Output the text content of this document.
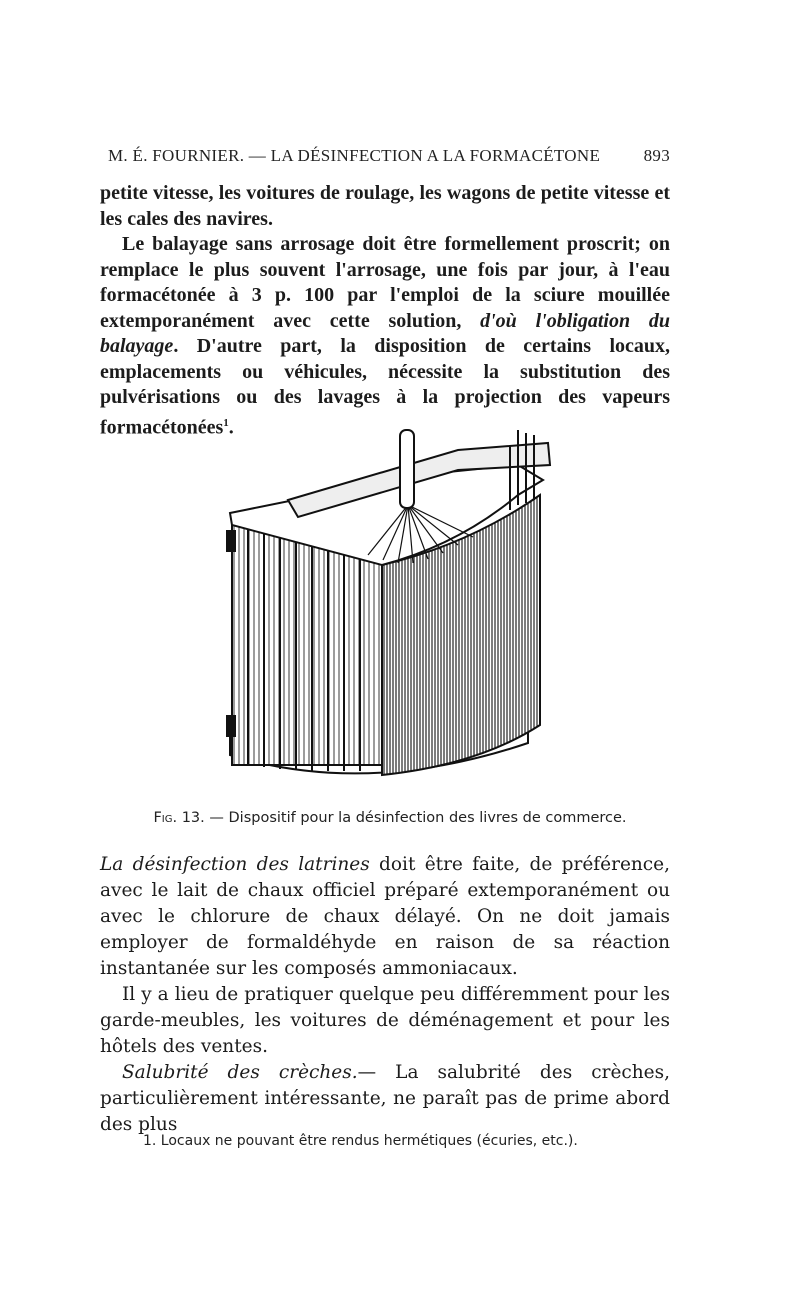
M. É. FOURNIER. — LA DÉSINFECTION A LA FORMACÉTONE	893

petite vitesse, les voitures de roulage, les wagons de petite vitesse et les cales des navires.

Le balayage sans arrosage doit être formellement proscrit; on remplace le plus souvent l'arrosage, une fois par jour, à l'eau formacétonée à 3 p. 100 par l'emploi de la sciure mouillée extemporanément avec cette solution, d'où l'obligation du balayage. D'autre part, la disposition de certains locaux, emplacements ou véhicules, nécessite la substitution des pulvérisations ou des lavages à la projection des vapeurs formacétonées$^1$.

Fig. 13. — Dispositif pour la désinfection des livres de commerce.

La désinfection des latrines doit être faite, de préférence, avec le lait de chaux officiel préparé extemporanément ou avec le chlorure de chaux délayé. On ne doit jamais employer de formaldéhyde en raison de sa réaction instantanée sur les composés ammoniacaux.

Il y a lieu de pratiquer quelque peu différemment pour les garde-meubles, les voitures de déménagement et pour les hôtels des ventes.

Salubrité des crèches.— La salubrité des crèches, particulièrement intéressante, ne paraît pas de prime abord des plus

1. Locaux ne pouvant être rendus hermétiques (écuries, etc.).
